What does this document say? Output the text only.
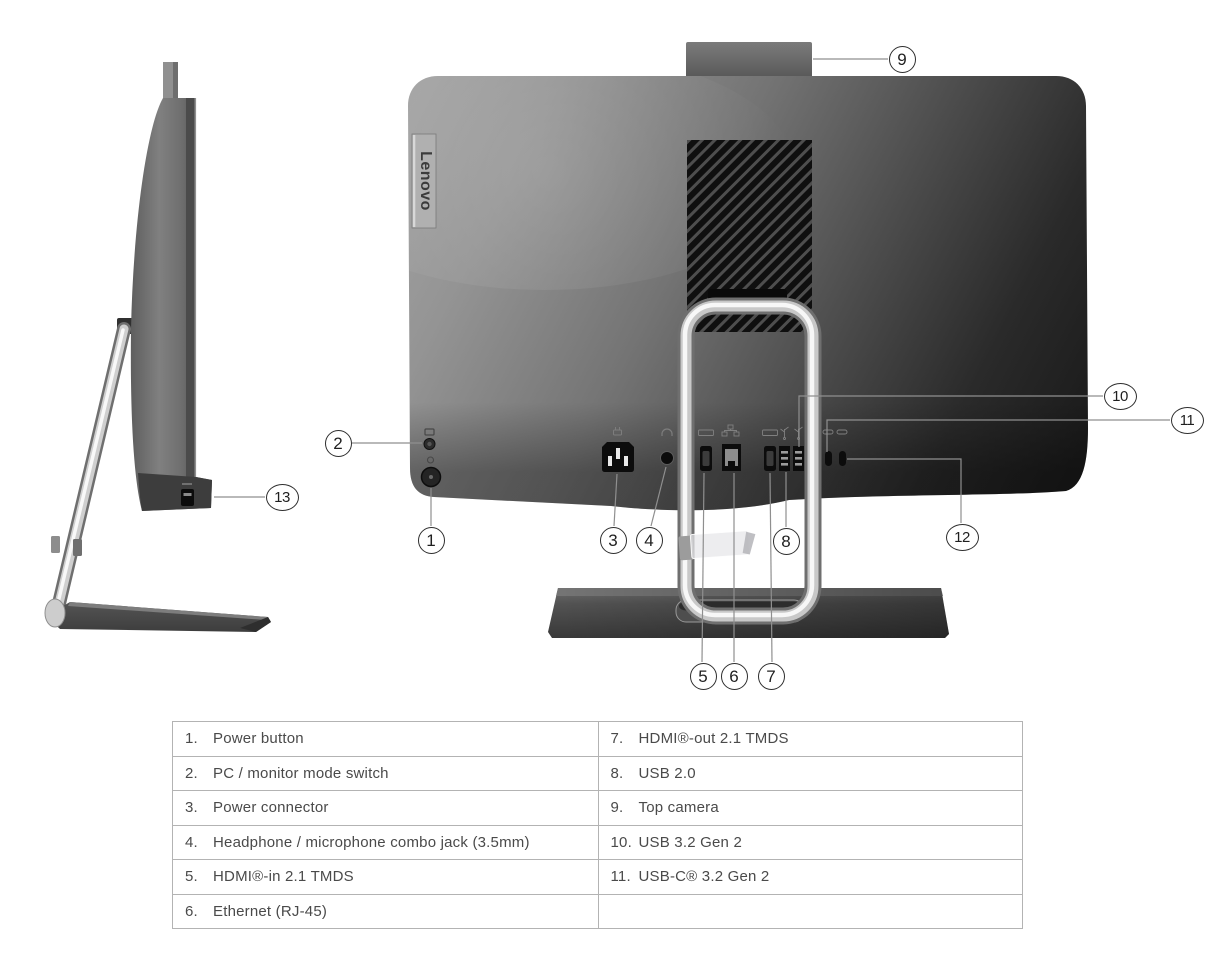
Lenovo
1
2
3	4
5	6	7
8
9
10
11
12
13
1.	Power button	7.	HDMI®-out 2.1 TMDS
2.	PC / monitor mode switch	8.	USB 2.0
3.	Power connector	9.	Top camera
4.	Headphone / microphone combo jack (3.5mm)	10. USB 3.2 Gen 2
5.	HDMI®-in 2.1 TMDS	11. USB-C® 3.2 Gen 2
6.	Ethernet (RJ-45)
